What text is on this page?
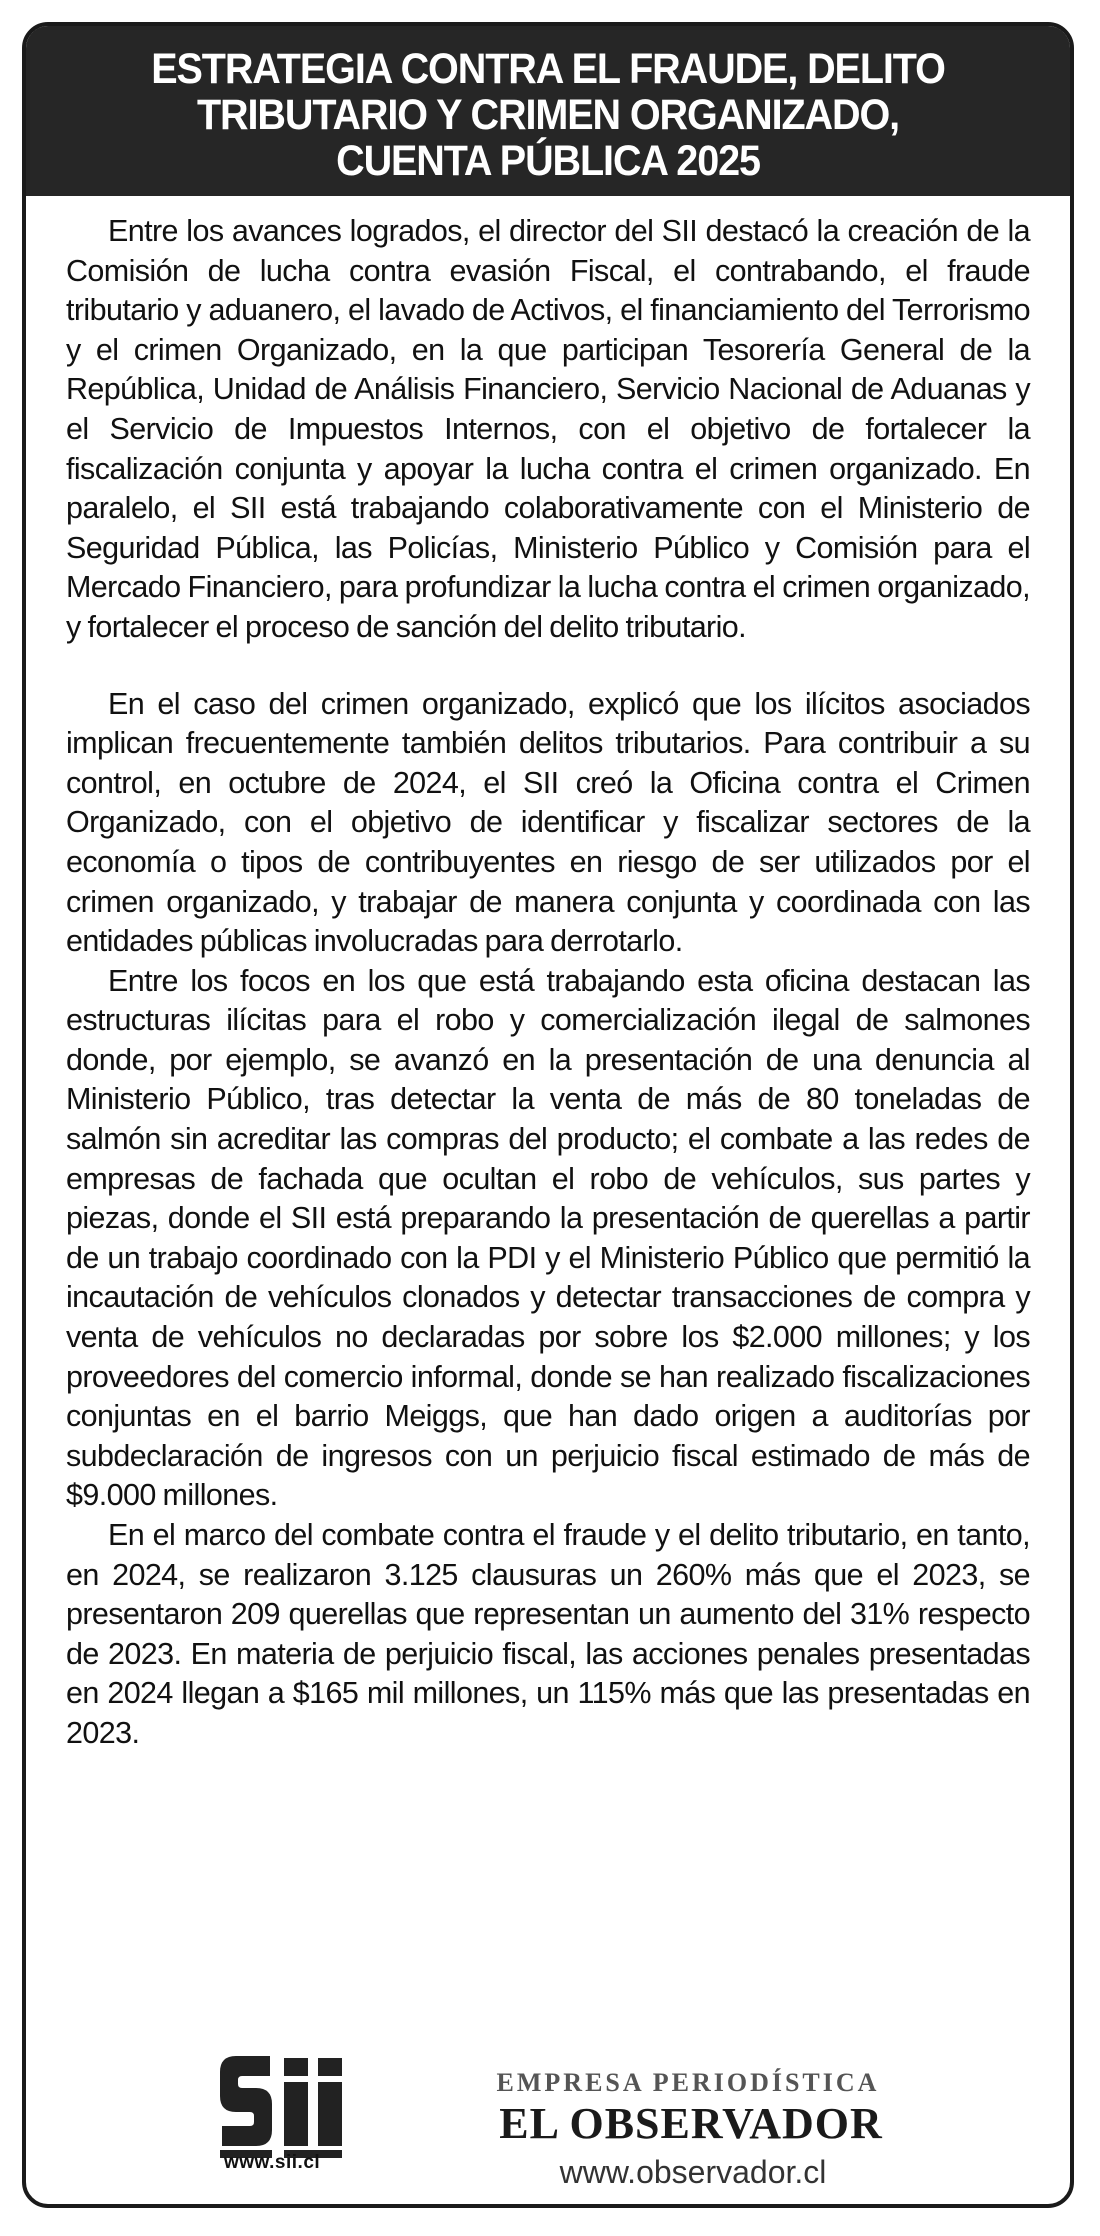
ESTRATEGIA CONTRA EL FRAUDE, DELITO
TRIBUTARIO Y CRIMEN ORGANIZADO,
CUENTA PÚBLICA 2025

Entre los avances logrados, el director del SII destacó la creación de la Comisión de lucha contra evasión Fiscal, el contrabando, el fraude tributario y aduanero, el lavado de Activos, el financiamiento del Terrorismo y el crimen Organizado, en la que participan Tesorería General de la República, Unidad de Análisis Financiero, Servicio Nacional de Aduanas y el Servicio de Impuestos Internos, con el objetivo de fortalecer la fiscalización conjunta y apoyar la lucha contra el crimen organizado. En paralelo, el SII está trabajando colaborativamente con el Ministerio de Seguridad Pública, las Policías, Ministerio Público y Comisión para el Mercado Financiero, para profundizar la lucha contra el crimen organizado, y fortalecer el proceso de sanción del delito tributario.

En el caso del crimen organizado, explicó que los ilícitos asociados implican frecuentemente también delitos tributarios. Para contribuir a su control, en octubre de 2024, el SII creó la Oficina contra el Crimen Organizado, con el objetivo de identificar y fiscalizar sectores de la economía o tipos de contribuyentes en riesgo de ser utilizados por el crimen organizado, y trabajar de manera conjunta y coordinada con las entidades públicas involucradas para derrotarlo.

Entre los focos en los que está trabajando esta oficina destacan las estructuras ilícitas para el robo y comercialización ilegal de salmones donde, por ejemplo, se avanzó en la presentación de una denuncia al Ministerio Público, tras detectar la venta de más de 80 toneladas de salmón sin acreditar las compras del producto; el combate a las redes de empresas de fachada que ocultan el robo de vehículos, sus partes y piezas, donde el SII está preparando la presentación de querellas a partir de un trabajo coordinado con la PDI y el Ministerio Público que permitió la incautación de vehículos clonados y detectar transacciones de compra y venta de vehículos no declaradas por sobre los $2.000 millones; y los proveedores del comercio informal, donde se han realizado fiscalizaciones conjuntas en el barrio Meiggs, que han dado origen a auditorías por subdeclaración de ingresos con un perjuicio fiscal estimado de más de $9.000 millones.

En el marco del combate contra el fraude y el delito tributario, en tanto, en 2024, se realizaron 3.125 clausuras un 260% más que el 2023, se presentaron 209 querellas que representan un aumento del 31% respecto de 2023. En materia de perjuicio fiscal, las acciones penales presentadas en 2024 llegan a $165 mil millones, un 115% más que las presentadas en 2023.

www.sii.cl
EMPRESA PERIODÍSTICA
EL OBSERVADOR
www.observador.cl
